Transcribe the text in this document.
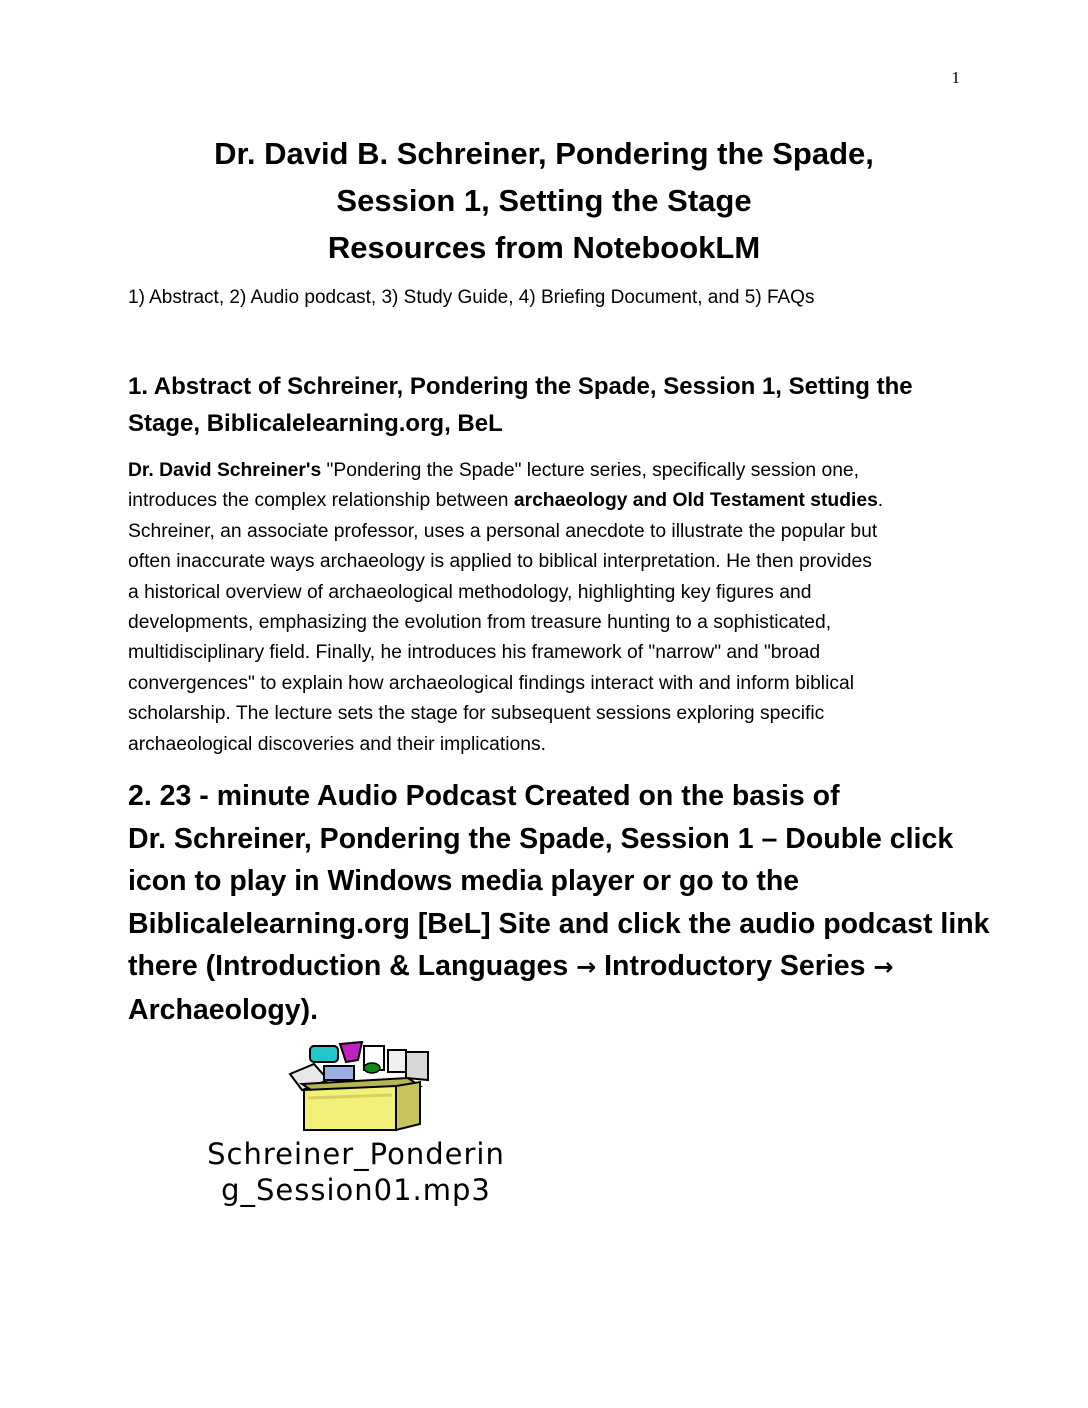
1
Dr. David B. Schreiner, Pondering the Spade,
Session 1, Setting the Stage
Resources from NotebookLM
1) Abstract, 2) Audio podcast, 3) Study Guide, 4) Briefing Document, and 5) FAQs
1. Abstract of Schreiner, Pondering the Spade, Session 1, Setting the
Stage, Biblicalelearning.org, BeL
Dr. David Schreiner's "Pondering the Spade" lecture series, specifically session one,
introduces the complex relationship between archaeology and Old Testament studies.
Schreiner, an associate professor, uses a personal anecdote to illustrate the popular but
often inaccurate ways archaeology is applied to biblical interpretation. He then provides
a historical overview of archaeological methodology, highlighting key figures and
developments, emphasizing the evolution from treasure hunting to a sophisticated,
multidisciplinary field. Finally, he introduces his framework of "narrow" and "broad
convergences" to explain how archaeological findings interact with and inform biblical
scholarship. The lecture sets the stage for subsequent sessions exploring specific
archaeological discoveries and their implications.
2. 23 - minute Audio Podcast Created on the basis of
Dr. Schreiner, Pondering the Spade, Session 1 – Double click
icon to play in Windows media player or go to the
Biblicalelearning.org [BeL] Site and click the audio podcast link
there (Introduction & Languages → Introductory Series →
Archaeology).
Schreiner_Ponderin
g_Session01.mp3
